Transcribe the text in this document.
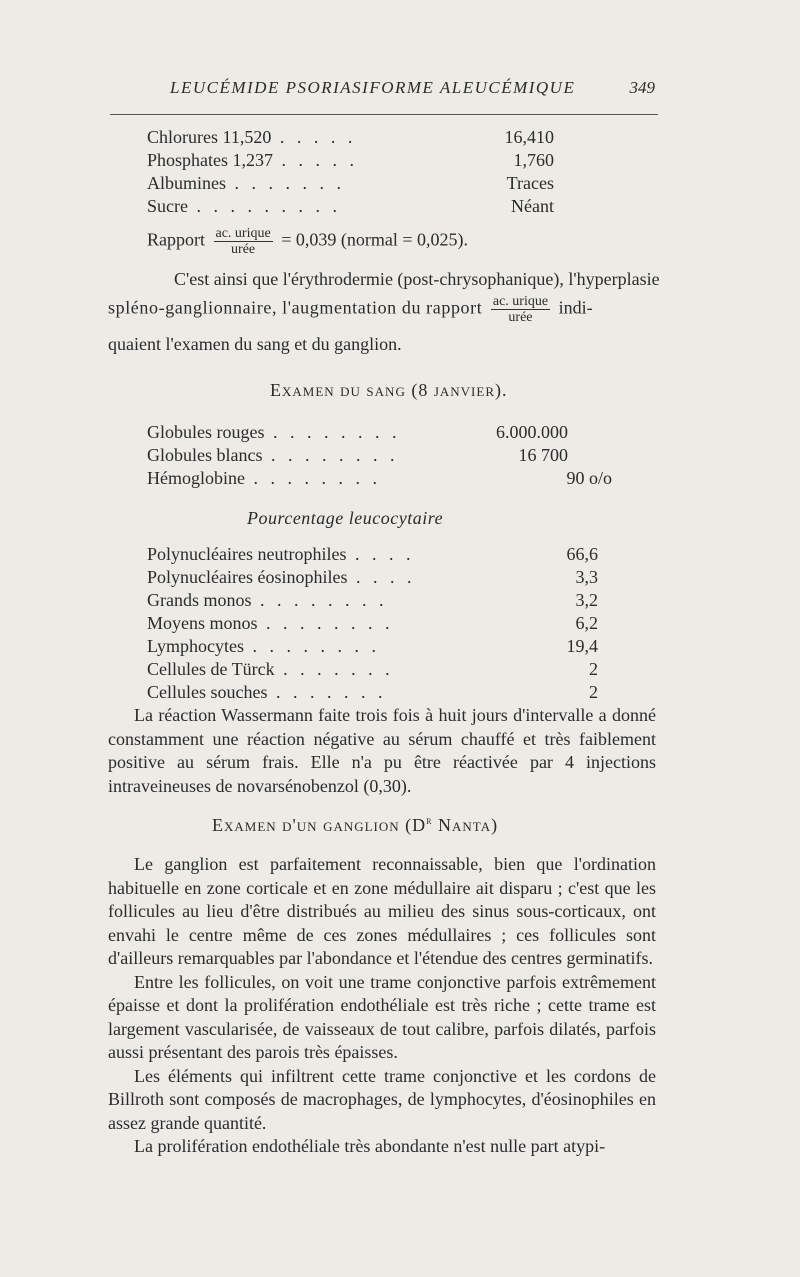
LEUCÉMIDE PSORIASIFORME ALEUCÉMIQUE	349
Chlorures 11,520 . . . . .	16,410
Phosphates 1,237 . . . . .	1,760
Albumines . . . . . . .	Traces
Sucre . . . . . . . . .	Néant
Rapport $\frac{\text{ac. urique}}{\text{urée}} = 0,039$ (normal = 0,025).
C'est ainsi que l'érythrodermie (post-chrysophanique), l'hyperplasie
spléno-ganglionnaire, l'augmentation du rapport $\frac{\text{ac. urique}}{\text{urée}}$ indi-
quaient l'examen du sang et du ganglion.
Examen du sang (8 janvier).
Globules rouges . . . . . . . .	6.000.000
Globules blancs . . . . . . . .	16 700
Hémoglobine . . . . . . . .	90 o/o
Pourcentage leucocytaire
Polynucléaires neutrophiles . . . .	66,6
Polynucléaires éosinophiles . . . .	3,3
Grands monos . . . . . . . .	3,2
Moyens monos . . . . . . . .	6,2
Lymphocytes . . . . . . . .	19,4
Cellules de Türck . . . . . . .	2
Cellules souches . . . . . . .	2

La réaction Wassermann faite trois fois à huit jours d'intervalle a donné constamment une réaction négative au sérum chauffé et très faiblement positive au sérum frais. Elle n'a pu être réactivée par 4 injections intraveineuses de novarsénobenzol (0,30).

Examen d'un ganglion ($D^r$ Nanta)

Le ganglion est parfaitement reconnaissable, bien que l'ordination habituelle en zone corticale et en zone médullaire ait disparu ; c'est que les follicules au lieu d'être distribués au milieu des sinus sous-corticaux, ont envahi le centre même de ces zones médullaires ; ces follicules sont d'ailleurs remarquables par l'abondance et l'étendue des centres germinatifs.

Entre les follicules, on voit une trame conjonctive parfois extrêmement épaisse et dont la prolifération endothéliale est très riche ; cette trame est largement vascularisée, de vaisseaux de tout calibre, parfois dilatés, parfois aussi présentant des parois très épaisses.

Les éléments qui infiltrent cette trame conjonctive et les cordons de Billroth sont composés de macrophages, de lymphocytes, d'éosinophiles en assez grande quantité.

La prolifération endothéliale très abondante n'est nulle part atypi-
